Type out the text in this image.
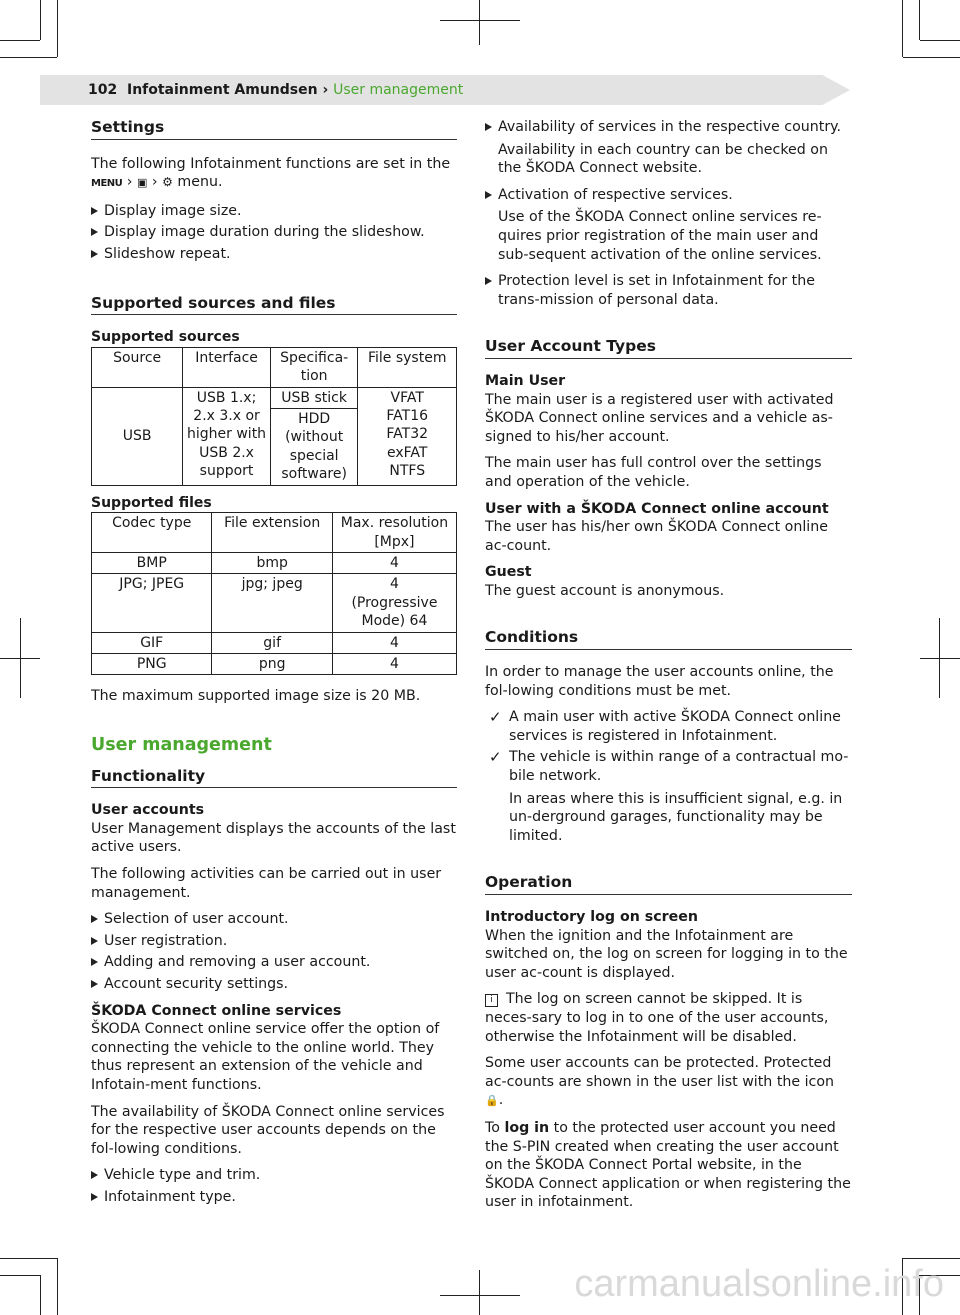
102 Infotainment Amundsen › User management
Settings

The following Infotainment functions are set in the MENU › ▣ › ⚙ menu.

Display image size.
Display image duration during the slideshow.
Slideshow repeat.
Supported sources and files
Supported sources
Source	Interface	Specifica-tion	File system
USB	USB 1.x; 2.x 3.x or higher with USB 2.x support	USB stick	VFAT FAT16 FAT32 exFAT NTFS
		HDD (without special software)	
Supported files
Codec type	File extension	Max. resolution [Mpx]
BMP	bmp	4
JPG; JPEG	jpg; jpeg	4 (Progressive Mode) 64
GIF	gif	4
PNG	png	4

The maximum supported image size is 20 MB.

User management
Functionality

User accounts
User Management displays the accounts of the last active users.

The following activities can be carried out in user management.

Selection of user account.
User registration.
Adding and removing a user account.
Account security settings.

ŠKODA Connect online services
ŠKODA Connect online service offer the option of connecting the vehicle to the online world. They thus represent an extension of the vehicle and Infotain-ment functions.

The availability of ŠKODA Connect online services for the respective user accounts depends on the fol-lowing conditions.

Vehicle type and trim.
Infotainment type.
Availability of services in the respective country.

Availability in each country can be checked on the ŠKODA Connect website.

Activation of respective services.

Use of the ŠKODA Connect online services re-quires prior registration of the main user and sub-sequent activation of the online services.

Protection level is set in Infotainment for the trans-mission of personal data.
User Account Types

Main User
The main user is a registered user with activated ŠKODA Connect online services and a vehicle as-signed to his/her account.

The main user has full control over the settings and operation of the vehicle.

User with a ŠKODA Connect online account
The user has his/her own ŠKODA Connect online ac-count.

Guest
The guest account is anonymous.

Conditions

In order to manage the user accounts online, the fol-lowing conditions must be met.

✓ A main user with active ŠKODA Connect online services is registered in Infotainment.
✓ The vehicle is within range of a contractual mo-bile network.

In areas where this is insufficient signal, e.g. in un-derground garages, functionality may be limited.

Operation

Introductory log on screen
When the ignition and the Infotainment are switched on, the log on screen for logging in to the user ac-count is displayed.

i The log on screen cannot be skipped. It is neces-sary to log in to one of the user accounts, otherwise the Infotainment will be disabled.

Some user accounts can be protected. Protected ac-counts are shown in the user list with the icon 🔒.

To log in to the protected user account you need the S-PIN created when creating the user account on the ŠKODA Connect Portal website, in the ŠKODA Connect application or when registering the user in infotainment.

carmanualsonline.info
